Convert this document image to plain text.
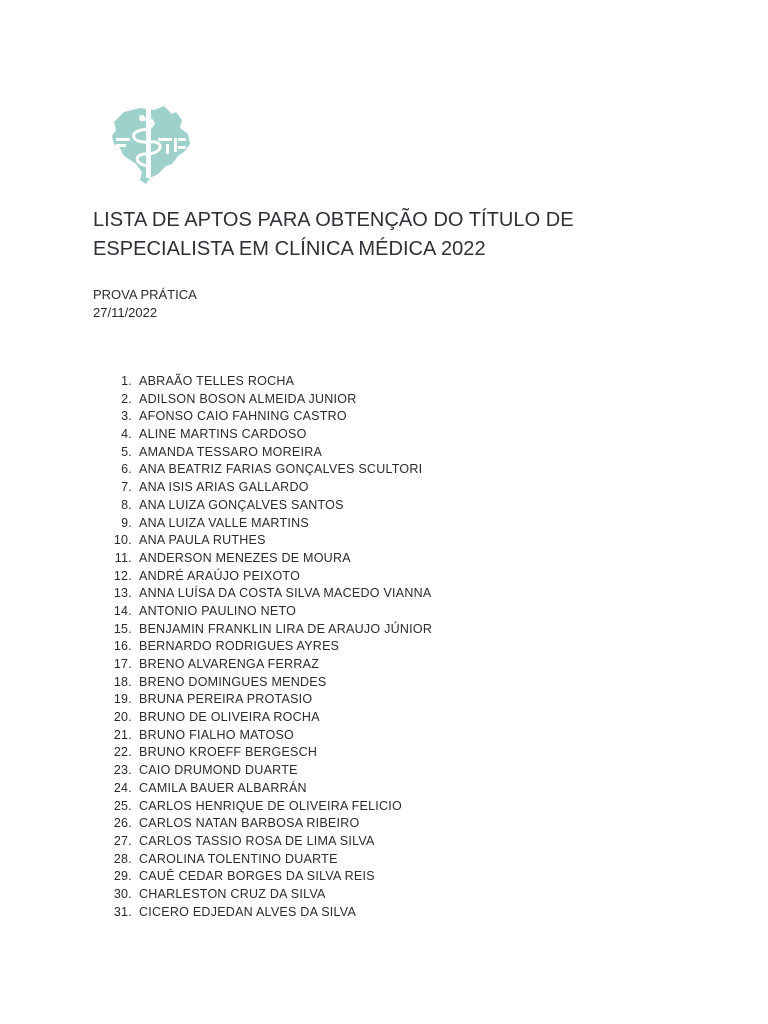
LISTA DE APTOS PARA OBTENÇÃO DO TÍTULO DE
ESPECIALISTA EM CLÍNICA MÉDICA 2022
PROVA PRÁTICA
27/11/2022
1. ABRAÃO TELLES ROCHA
2. ADILSON BOSON ALMEIDA JUNIOR
3. AFONSO CAIO FAHNING CASTRO
4. ALINE MARTINS CARDOSO
5. AMANDA TESSARO MOREIRA
6. ANA BEATRIZ FARIAS GONÇALVES SCULTORI
7. ANA ISIS ARIAS GALLARDO
8. ANA LUIZA GONÇALVES SANTOS
9. ANA LUIZA VALLE MARTINS
10. ANA PAULA RUTHES
11. ANDERSON MENEZES DE MOURA
12. ANDRÉ ARAÚJO PEIXOTO
13. ANNA LUÍSA DA COSTA SILVA MACEDO VIANNA
14. ANTONIO PAULINO NETO
15. BENJAMIN FRANKLIN LIRA DE ARAUJO JÚNIOR
16. BERNARDO RODRIGUES AYRES
17. BRENO ALVARENGA FERRAZ
18. BRENO DOMINGUES MENDES
19. BRUNA PEREIRA PROTASIO
20. BRUNO DE OLIVEIRA ROCHA
21. BRUNO FIALHO MATOSO
22. BRUNO KROEFF BERGESCH
23. CAIO DRUMOND DUARTE
24. CAMILA BAUER ALBARRÁN
25. CARLOS HENRIQUE DE OLIVEIRA FELICIO
26. CARLOS NATAN BARBOSA RIBEIRO
27. CARLOS TASSIO ROSA DE LIMA SILVA
28. CAROLINA TOLENTINO DUARTE
29. CAUÊ CEDAR BORGES DA SILVA REIS
30. CHARLESTON CRUZ DA SILVA
31. CICERO EDJEDAN ALVES DA SILVA
